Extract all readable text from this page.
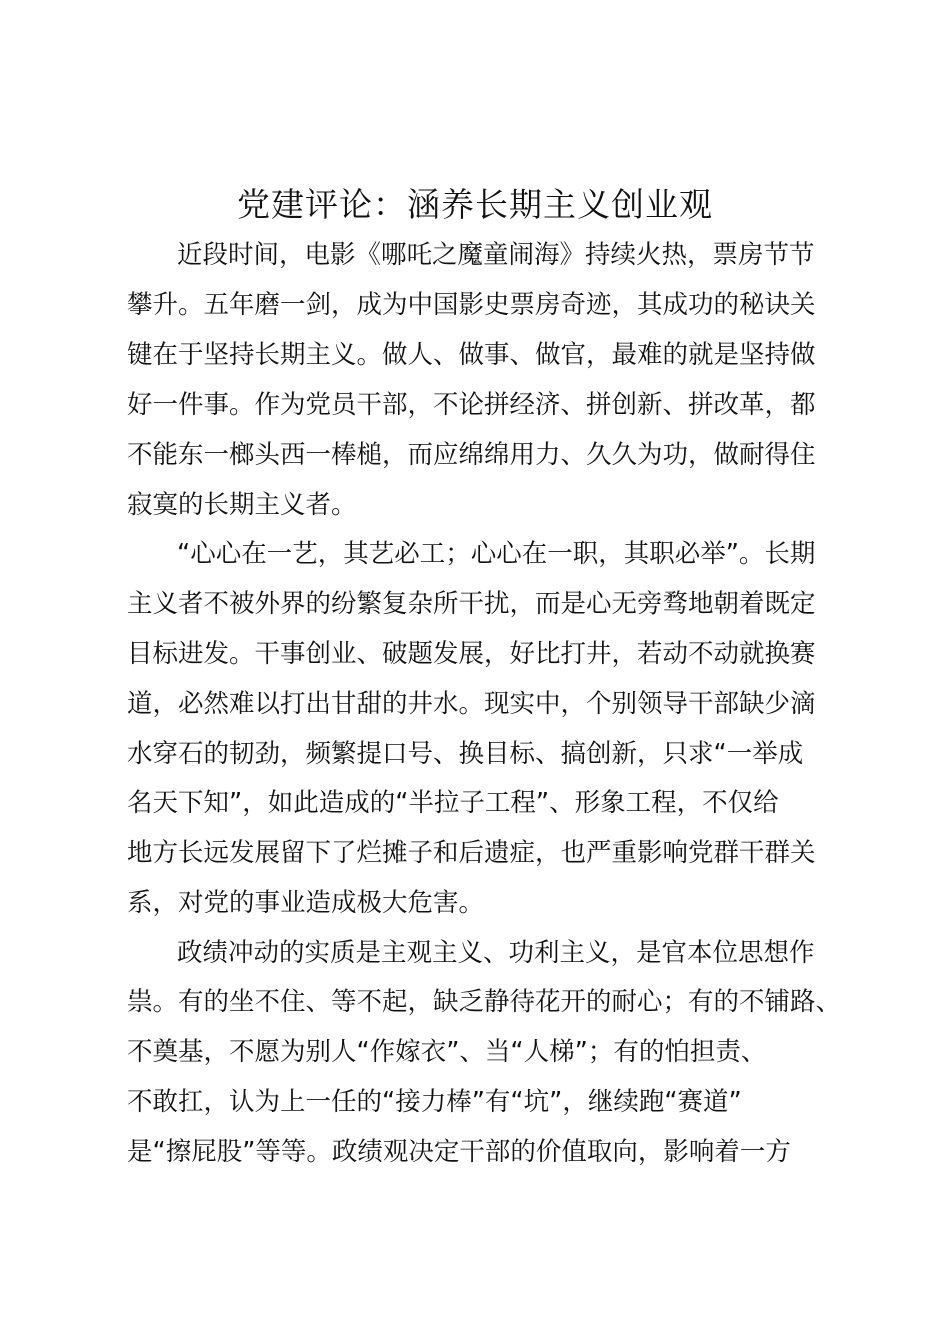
党建评论：涵养长期主义创业观
近段时间，电影《哪吒之魔童闹海》持续火热，票房节节
攀升。五年磨一剑，成为中国影史票房奇迹，其成功的秘诀关
键在于坚持长期主义。做人、做事、做官，最难的就是坚持做
好一件事。作为党员干部，不论拼经济、拼创新、拼改革，都
不能东一榔头西一棒槌，而应绵绵用力、久久为功，做耐得住
寂寞的长期主义者。
“心心在一艺，其艺必工；心心在一职，其职必举”。长期
主义者不被外界的纷繁复杂所干扰，而是心无旁骛地朝着既定
目标进发。干事创业、破题发展，好比打井，若动不动就换赛
道，必然难以打出甘甜的井水。现实中，个别领导干部缺少滴
水穿石的韧劲，频繁提口号、换目标、搞创新，只求“一举成
名天下知”，如此造成的“半拉子工程”、形象工程，不仅给
地方长远发展留下了烂摊子和后遗症，也严重影响党群干群关
系，对党的事业造成极大危害。
政绩冲动的实质是主观主义、功利主义，是官本位思想作
祟。有的坐不住、等不起，缺乏静待花开的耐心；有的不铺路、
不奠基，不愿为别人“作嫁衣”、当“人梯”；有的怕担责、
不敢扛，认为上一任的“接力棒”有“坑”，继续跑“赛道”
是“擦屁股”等等。政绩观决定干部的价值取向，影响着一方
